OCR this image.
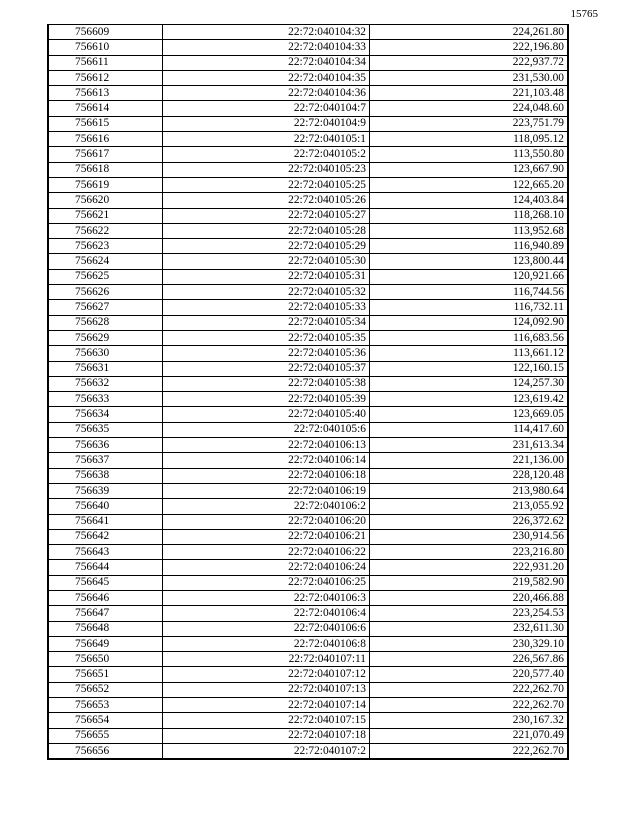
15765
756609	22:72:040104:32	224,261.80
756610	22:72:040104:33	222,196.80
756611	22:72:040104:34	222,937.72
756612	22:72:040104:35	231,530.00
756613	22:72:040104:36	221,103.48
756614	22:72:040104:7	224,048.60
756615	22:72:040104:9	223,751.79
756616	22:72:040105:1	118,095.12
756617	22:72:040105:2	113,550.80
756618	22:72:040105:23	123,667.90
756619	22:72:040105:25	122,665.20
756620	22:72:040105:26	124,403.84
756621	22:72:040105:27	118,268.10
756622	22:72:040105:28	113,952.68
756623	22:72:040105:29	116,940.89
756624	22:72:040105:30	123,800.44
756625	22:72:040105:31	120,921.66
756626	22:72:040105:32	116,744.56
756627	22:72:040105:33	116,732.11
756628	22:72:040105:34	124,092.90
756629	22:72:040105:35	116,683.56
756630	22:72:040105:36	113,661.12
756631	22:72:040105:37	122,160.15
756632	22:72:040105:38	124,257.30
756633	22:72:040105:39	123,619.42
756634	22:72:040105:40	123,669.05
756635	22:72:040105:6	114,417.60
756636	22:72:040106:13	231,613.34
756637	22:72:040106:14	221,136.00
756638	22:72:040106:18	228,120.48
756639	22:72:040106:19	213,980.64
756640	22:72:040106:2	213,055.92
756641	22:72:040106:20	226,372.62
756642	22:72:040106:21	230,914.56
756643	22:72:040106:22	223,216.80
756644	22:72:040106:24	222,931.20
756645	22:72:040106:25	219,582.90
756646	22:72:040106:3	220,466.88
756647	22:72:040106:4	223,254.53
756648	22:72:040106:6	232,611.30
756649	22:72:040106:8	230,329.10
756650	22:72:040107:11	226,567.86
756651	22:72:040107:12	220,577.40
756652	22:72:040107:13	222,262.70
756653	22:72:040107:14	222,262.70
756654	22:72:040107:15	230,167.32
756655	22:72:040107:18	221,070.49
756656	22:72:040107:2	222,262.70
